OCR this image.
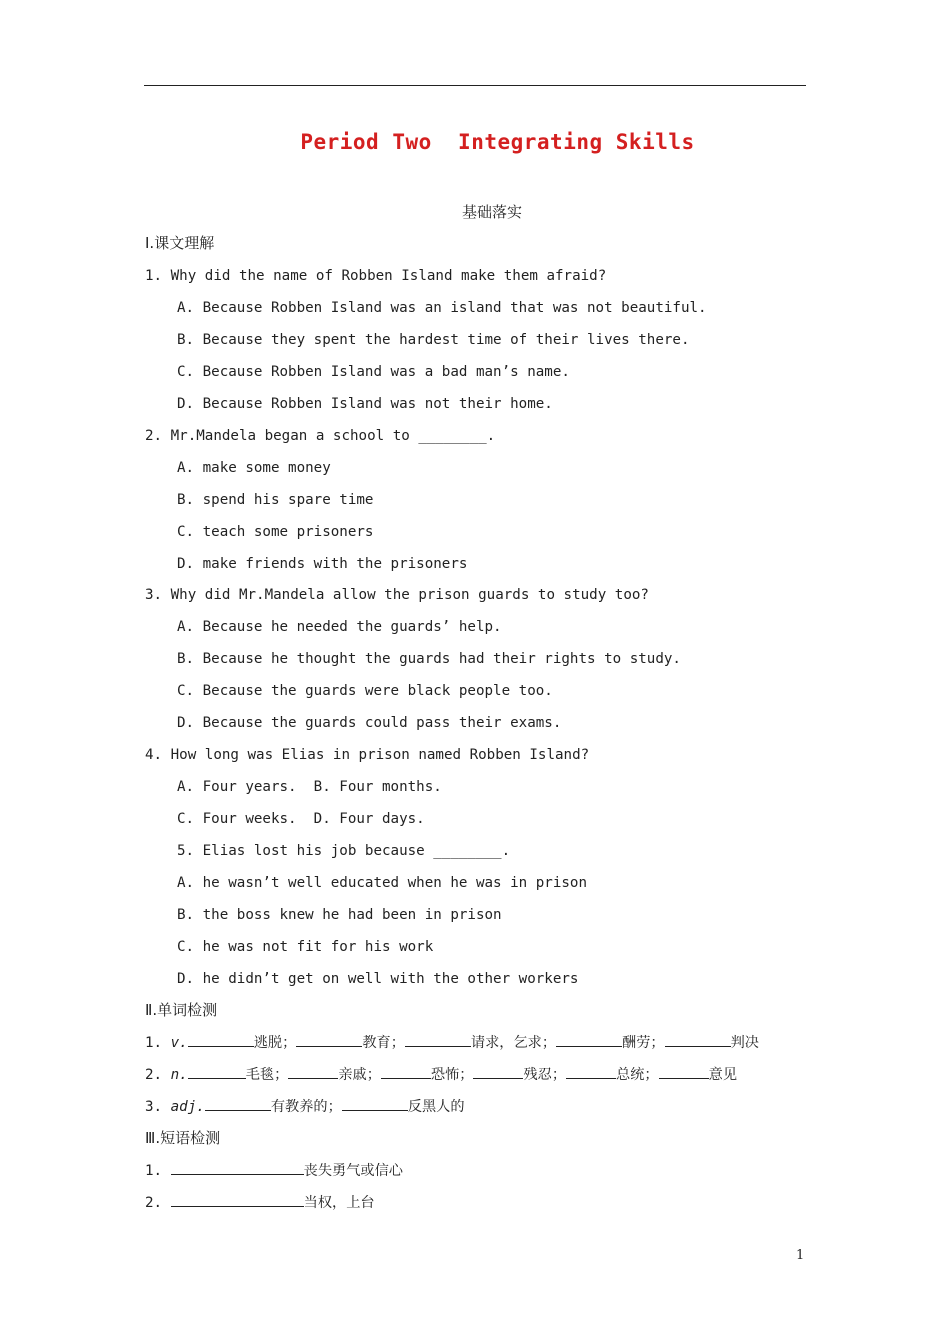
Period Two  Integrating Skills
基础落实
Ⅰ.课文理解
1. Why did the name of Robben Island make them afraid?
A. Because Robben Island was an island that was not beautiful.
B. Because they spent the hardest time of their lives there.
C. Because Robben Island was a bad man’s name.
D. Because Robben Island was not their home.
2. Mr.Mandela began a school to ________.
A. make some money
B. spend his spare time
C. teach some prisoners
D. make friends with the prisoners
3. Why did Mr.Mandela allow the prison guards to study too?
A. Because he needed the guards’ help.
B. Because he thought the guards had their rights to study.
C. Because the guards were black people too.
D. Because the guards could pass their exams.
4. How long was Elias in prison named Robben Island?
A. Four years.  B. Four months.
C. Four weeks.  D. Four days.
5. Elias lost his job because ________.
A. he wasn’t well educated when he was in prison
B. the boss knew he had been in prison
C. he was not fit for his work
D. he didn’t get on well with the other workers
Ⅱ.单词检测
1. v.	逃脱；	教育；	请求，乞求；	酬劳；	判决
2. n.	毛毯；	亲戚；	恐怖；	残忍；	总统；	意见
3. adj.	有教养的；	反黑人的
Ⅲ.短语检测
1.	丧失勇气或信心
2.	当权，上台
1
